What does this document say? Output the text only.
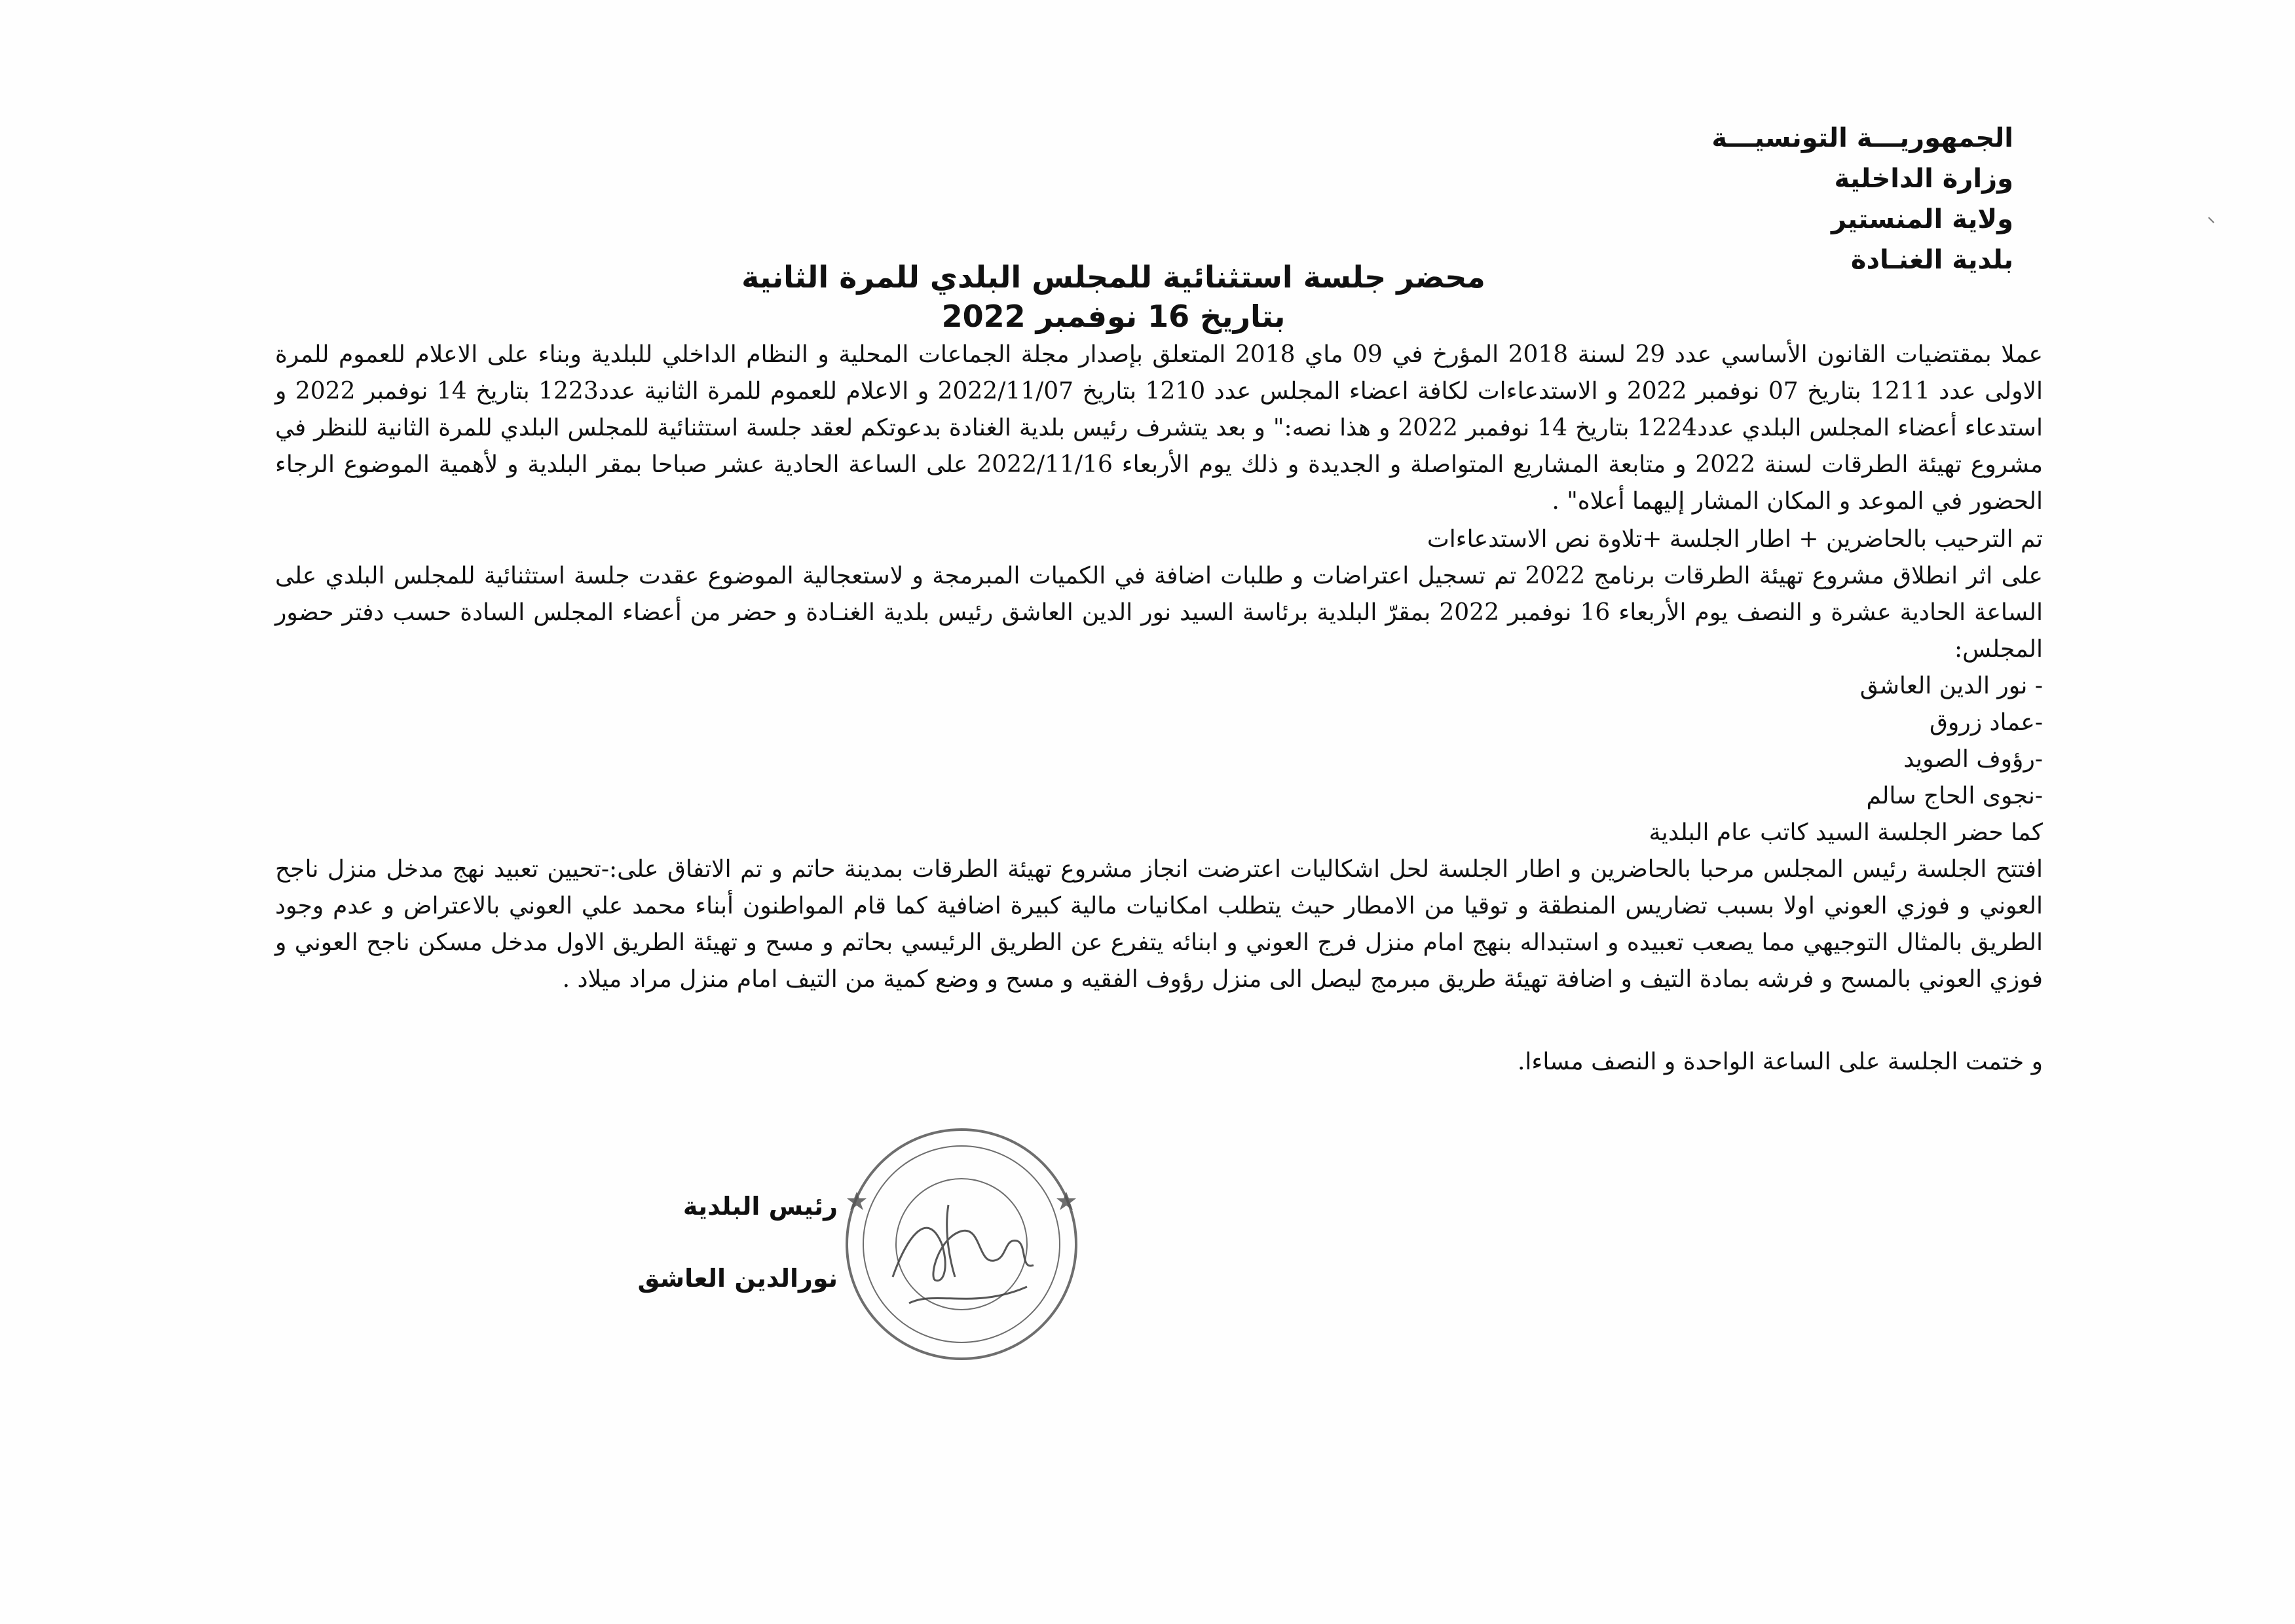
الجمهوريـــة التونسيـــة
وزارة الداخلية
ولاية المنستير
بلدية الغنـادة
محضر جلسة استثنائية للمجلس البلدي للمرة الثانية
بتاريخ 16 نوفمبر 2022

عملا بمقتضيات القانون الأساسي عدد 29 لسنة 2018 المؤرخ في 09 ماي 2018 المتعلق بإصدار مجلة الجماعات المحلية و النظام الداخلي للبلدية وبناء على الاعلام للعموم للمرة الاولى عدد 1211 بتاريخ 07 نوفمبر 2022 و الاستدعاءات لكافة اعضاء المجلس عدد 1210 بتاريخ 2022/11/07 و الاعلام للعموم للمرة الثانية عدد1223 بتاريخ 14 نوفمبر 2022 و استدعاء أعضاء المجلس البلدي عدد1224 بتاريخ 14 نوفمبر 2022 و هذا نصه:" و بعد يتشرف رئيس بلدية الغنادة بدعوتكم لعقد جلسة استثنائية للمجلس البلدي للمرة الثانية للنظر في مشروع تهيئة الطرقات لسنة 2022 و متابعة المشاريع المتواصلة و الجديدة و ذلك يوم الأربعاء 2022/11/16 على الساعة الحادية عشر صباحا بمقر البلدية و لأهمية الموضوع الرجاء الحضور في الموعد و المكان المشار إليهما أعلاه" .

تم الترحيب بالحاضرين + اطار الجلسة +تلاوة نص الاستدعاءات

على اثر انطلاق مشروع تهيئة الطرقات برنامج 2022 تم تسجيل اعتراضات و طلبات اضافة في الكميات المبرمجة و لاستعجالية الموضوع عقدت جلسة استثنائية للمجلس البلدي على الساعة الحادية عشرة و النصف يوم الأربعاء 16 نوفمبر 2022 بمقرّ البلدية برئاسة السيد نور الدين العاشق رئيس بلدية الغنـادة و حضر من أعضاء المجلس السادة حسب دفتر حضور المجلس:

- نور الدين العاشق
-عماد زروق
-رؤوف الصويد
-نجوى الحاج سالم

كما حضر الجلسة السيد كاتب عام البلدية

افتتح الجلسة رئيس المجلس مرحبا بالحاضرين و اطار الجلسة لحل اشكاليات اعترضت انجاز مشروع تهيئة الطرقات بمدينة حاتم و تم الاتفاق على:-تحيين تعبيد نهج مدخل منزل ناجح العوني و فوزي العوني اولا بسبب تضاريس المنطقة و توقيا من الامطار حيث يتطلب امكانيات مالية كبيرة اضافية كما قام المواطنون أبناء محمد علي العوني بالاعتراض و عدم وجود الطريق بالمثال التوجيهي مما يصعب تعبيده و استبداله بنهج امام منزل فرج العوني و ابنائه يتفرع عن الطريق الرئيسي بحاتم و مسح و تهيئة الطريق الاول مدخل مسكن ناجح العوني و فوزي العوني بالمسح و فرشه بمادة التيف و اضافة تهيئة طريق مبرمج ليصل الى منزل رؤوف الفقيه و مسح و وضع كمية من التيف امام منزل مراد ميلاد .

و ختمت الجلسة على الساعة الواحدة و النصف مساءا.

رئيس البلدية
نورالدين العاشق
